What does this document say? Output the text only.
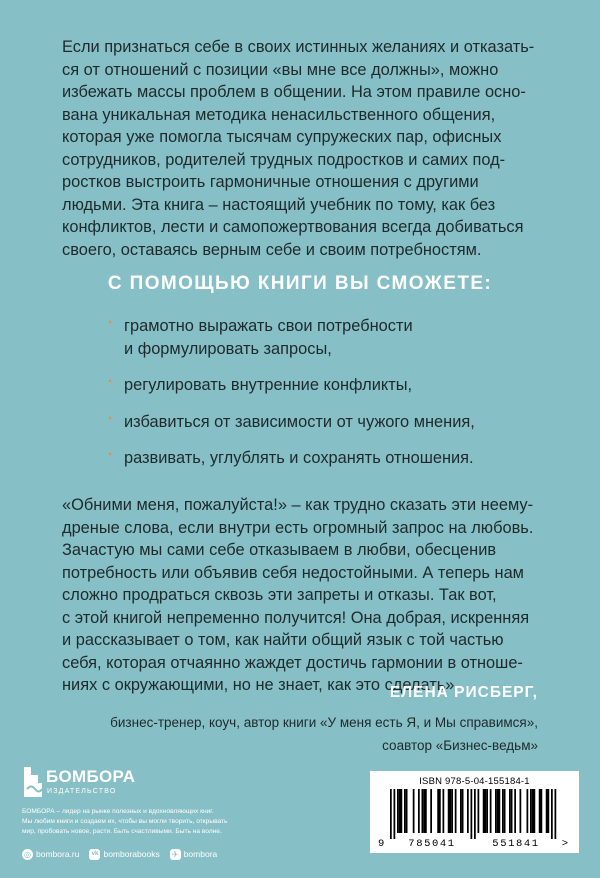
Если признаться себе в своих истинных желаниях и отказать-

ся от отношений с позиции «вы мне все должны», можно

избежать массы проблем в общении. На этом правиле осно-

вана уникальная методика ненасильственного общения,

которая уже помогла тысячам супружеских пар, офисных

сотрудников, родителей трудных подростков и самих под-

ростков выстроить гармоничные отношения с другими

людьми. Эта книга – настоящий учебник по тому, как без

конфликтов, лести и самопожертвования всегда добиваться

своего, оставаясь верным себе и своим потребностям.

С ПОМОЩЬЮ КНИГИ ВЫ СМОЖЕТЕ:
· грамотно выражать свои потребности
и формулировать запросы,
· регулировать внутренние конфликты,
· избавиться от зависимости от чужого мнения,
· развивать, углублять и сохранять отношения.

«Обними меня, пожалуйста!» – как трудно сказать эти неему-

дреные слова, если внутри есть огромный запрос на любовь.

Зачастую мы сами себе отказываем в любви, обесценив

потребность или объявив себя недостойными. А теперь нам

сложно продраться сквозь эти запреты и отказы. Так вот,

с этой книгой непременно получится! Она добрая, искренняя

и рассказывает о том, как найти общий язык с той частью

себя, которая отчаянно жаждет достичь гармонии в отноше-

ниях с окружающими, но не знает, как это сделать».

ЕЛЕНА РИСБЕРГ,
бизнес-тренер, коуч, автор книги «У меня есть Я, и Мы справимся»,
соавтор «Бизнес-ведьм»
БОМБОРА
ИЗДАТЕЛЬСТВО
БОМБОРА – лидер на рынке полезных и вдохновляющих книг.
Мы любим книги и создаем их, чтобы вы могли творить, открывать
мир, пробовать новое, расти. Быть счастливыми. Быть на волне.
◎ bombora.ru	vk bomborabooks ✈ bombora
ISBN 978-5-04-155184-1
9	785041	551841	>
